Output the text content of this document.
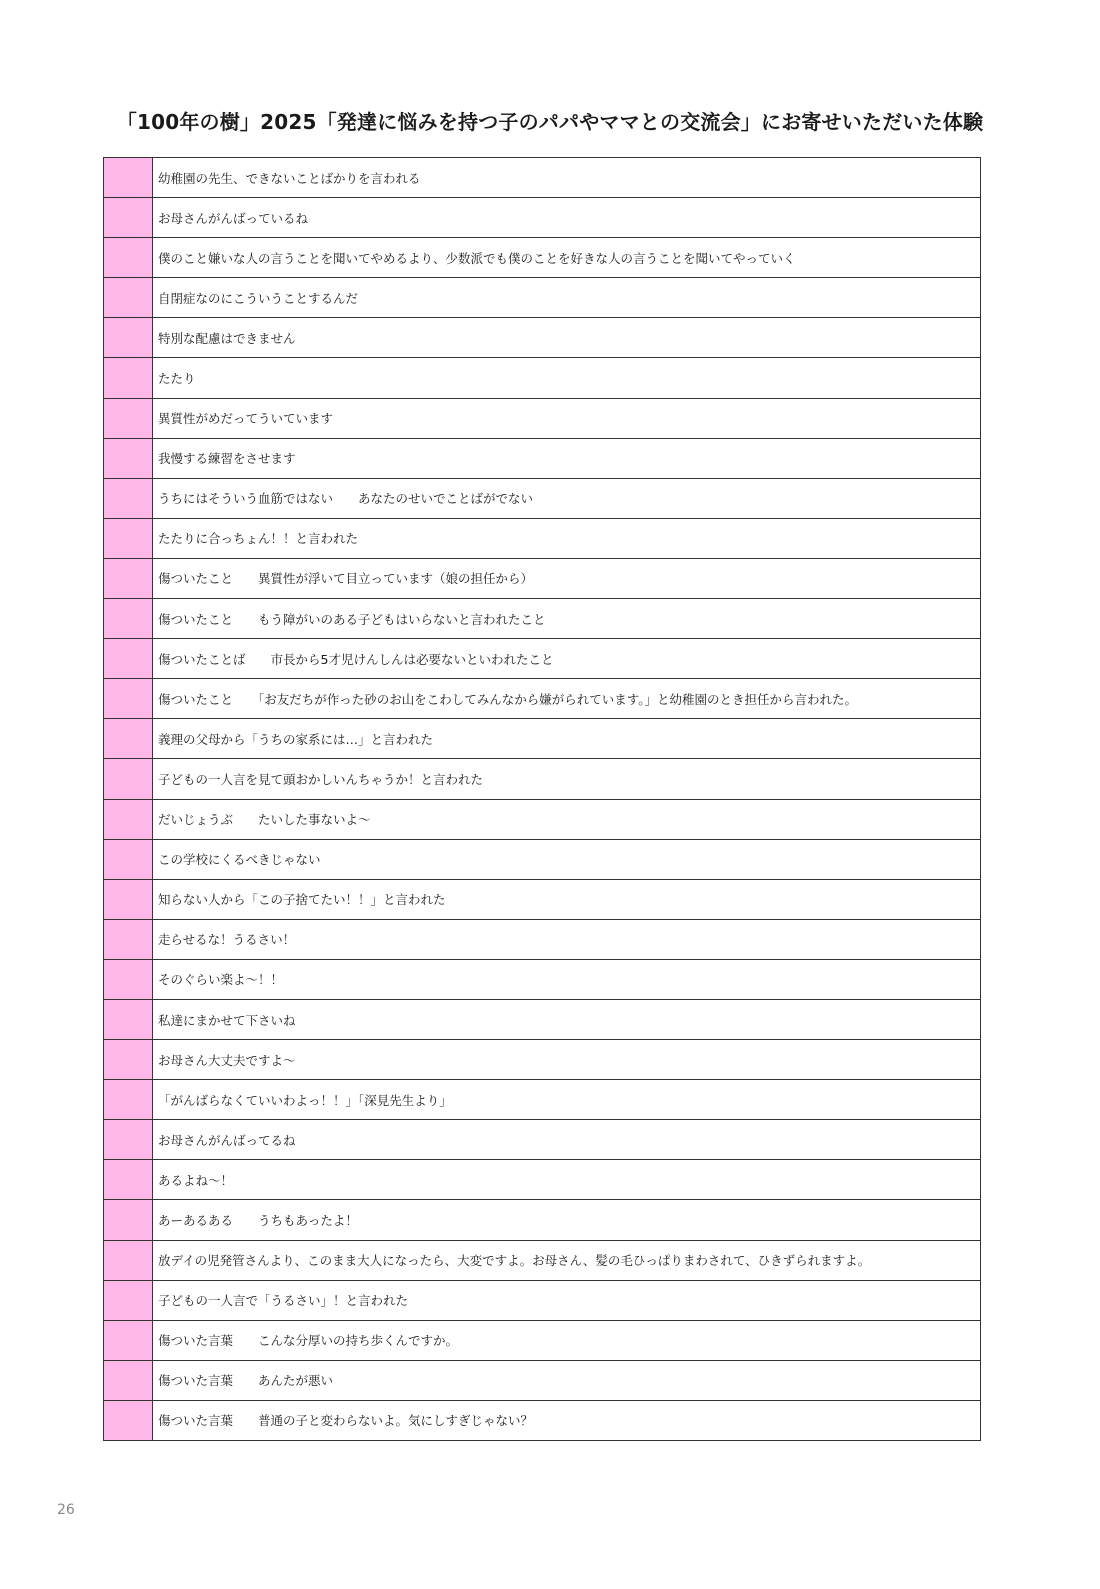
「100年の樹」2025「発達に悩みを持つ子のパパやママとの交流会」にお寄せいただいた体験
幼稚園の先生、できないことばかりを言われる
お母さんがんばっているね
僕のこと嫌いな人の言うことを聞いてやめるより、少数派でも僕のことを好きな人の言うことを聞いてやっていく
自閉症なのにこういうことするんだ
特別な配慮はできません
たたり
異質性がめだってういています
我慢する練習をさせます
うちにはそういう血筋ではない　　あなたのせいでことばがでない
たたりに合っちょん！！と言われた
傷ついたこと　　異質性が浮いて目立っています（娘の担任から）
傷ついたこと　　もう障がいのある子どもはいらないと言われたこと
傷ついたことば　　市長から5才児けんしんは必要ないといわれたこと
傷ついたこと　　「お友だちが作った砂のお山をこわしてみんなから嫌がられています。」と幼稚園のとき担任から言われた。
義理の父母から「うちの家系には…」と言われた
子どもの一人言を見て頭おかしいんちゃうか！と言われた
だいじょうぶ　　たいした事ないよ〜
この学校にくるべきじゃない
知らない人から「この子捨てたい！！」と言われた
走らせるな！うるさい！
そのぐらい楽よ〜！！
私達にまかせて下さいね
お母さん大丈夫ですよ〜
「がんばらなくていいわよっ！！」「深見先生より」
お母さんがんばってるね
あるよね〜！
あーあるある　　うちもあったよ！
放デイの児発管さんより、このまま大人になったら、大変ですよ。お母さん、髪の毛ひっぱりまわされて、ひきずられますよ。
子どもの一人言で「うるさい」！と言われた
傷ついた言葉　　こんな分厚いの持ち歩くんですか。
傷ついた言葉　　あんたが悪い
傷ついた言葉　　普通の子と変わらないよ。気にしすぎじゃない？
26
